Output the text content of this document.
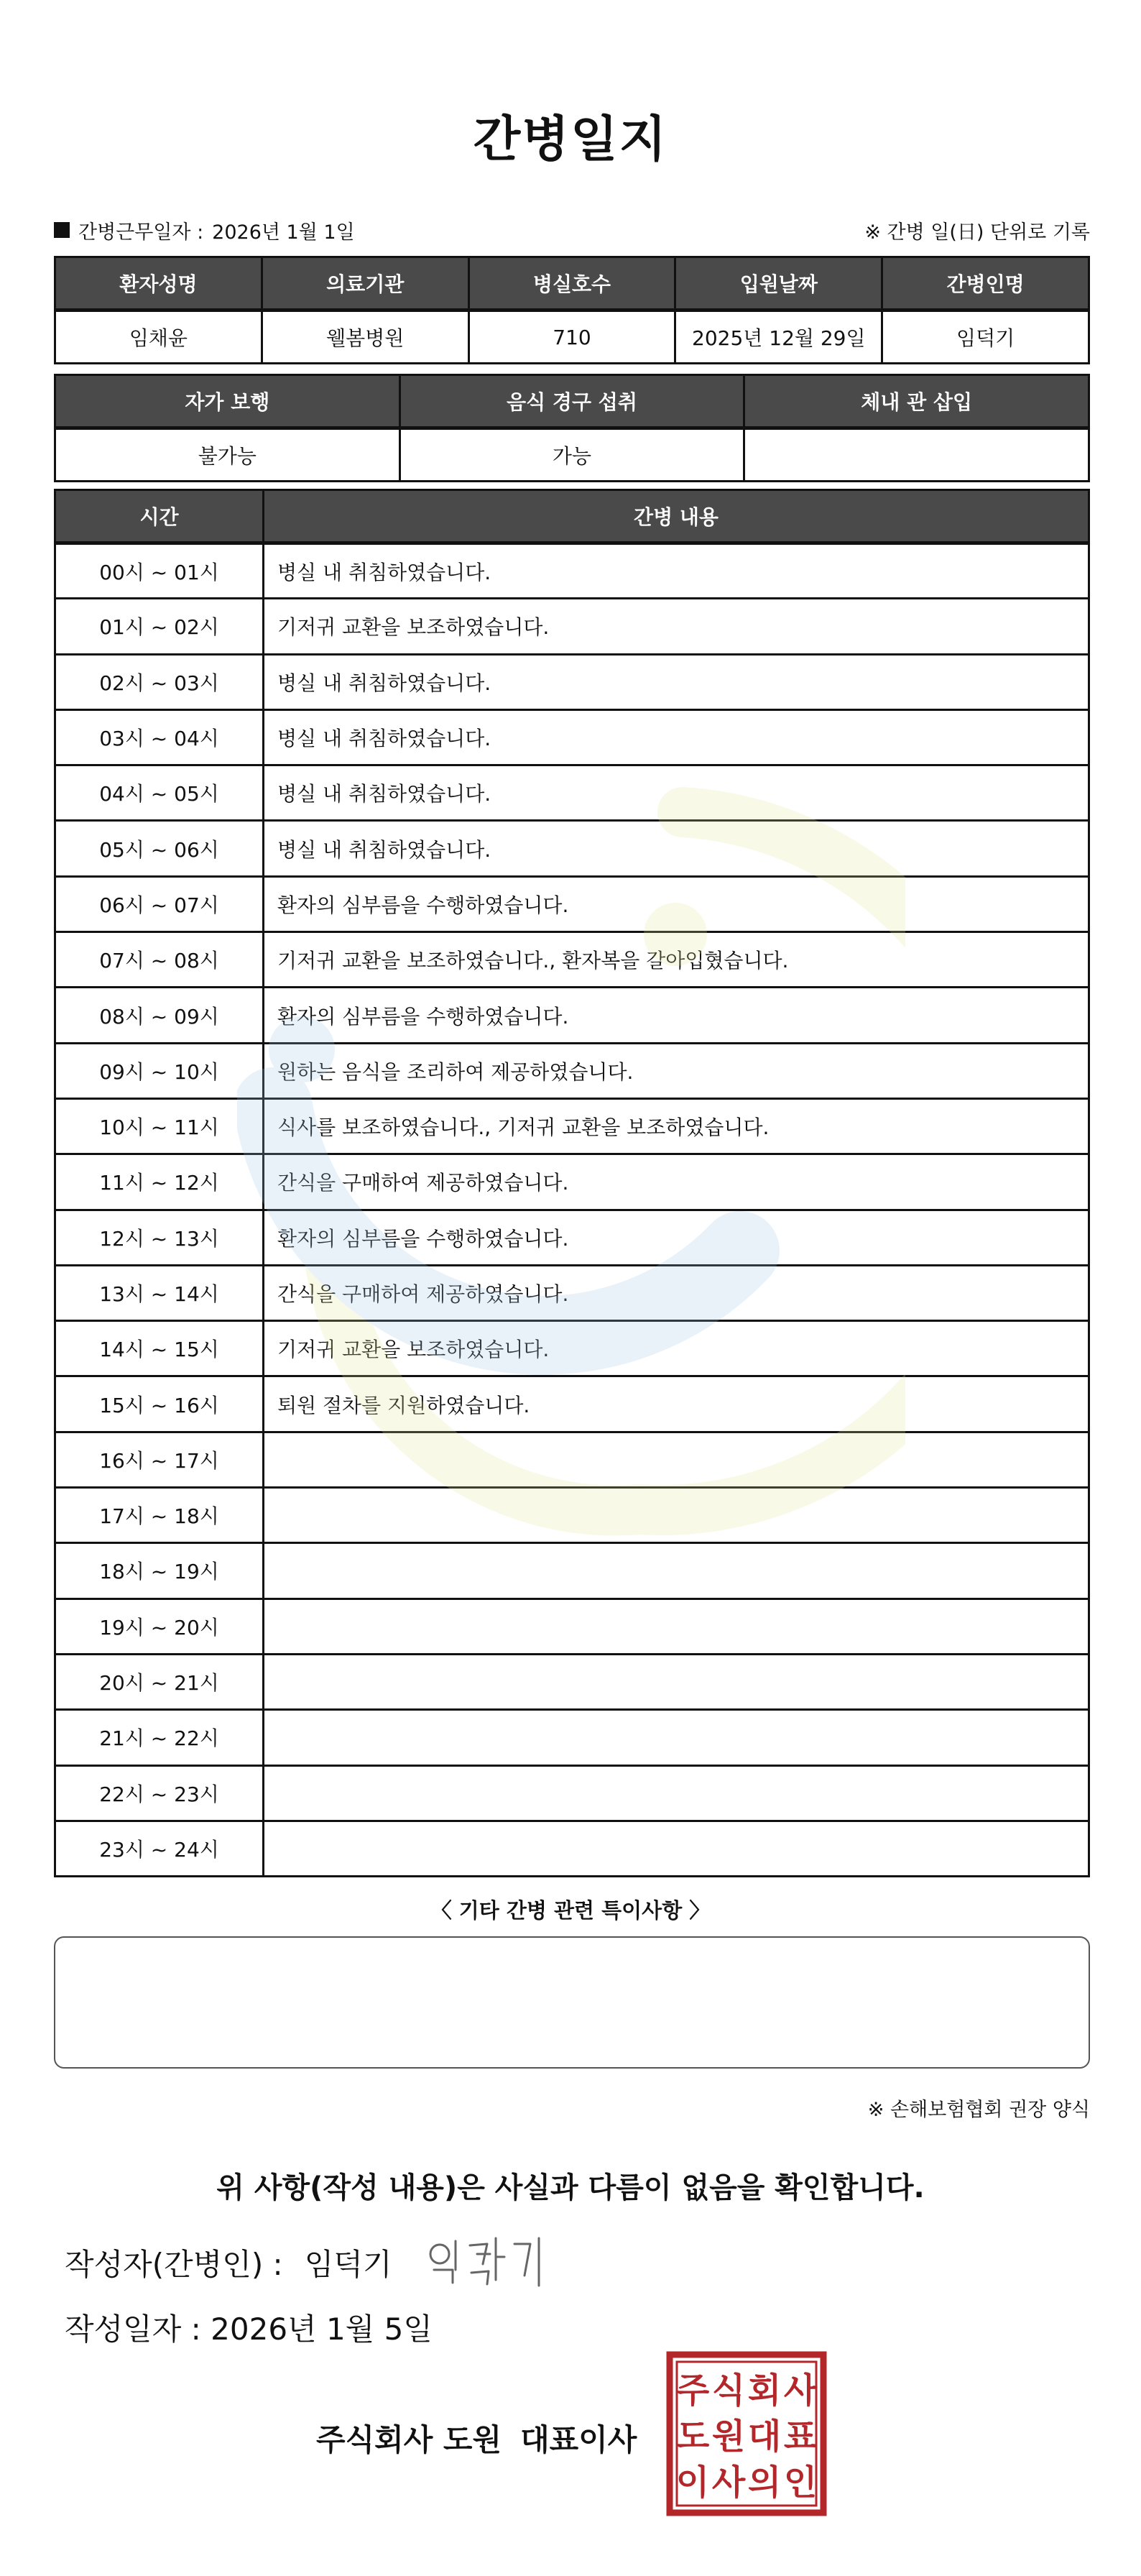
간병일지
간병근무일자 : 2026년 1월 1일	※ 간병 일(日) 단위로 기록
환자성명	의료기관	병실호수	입원날짜	간병인명
임채윤	웰봄병원	710	2025년 12월 29일	임덕기
자가 보행	음식 경구 섭취	체내 관 삽입
불가능	가능	
시간	간병 내용
00시 ~ 01시	병실 내 취침하였습니다.
01시 ~ 02시	기저귀 교환을 보조하였습니다.
02시 ~ 03시	병실 내 취침하였습니다.
03시 ~ 04시	병실 내 취침하였습니다.
04시 ~ 05시	병실 내 취침하였습니다.
05시 ~ 06시	병실 내 취침하였습니다.
06시 ~ 07시	환자의 심부름을 수행하였습니다.
07시 ~ 08시	기저귀 교환을 보조하였습니다., 환자복을 갈아입혔습니다.
08시 ~ 09시	환자의 심부름을 수행하였습니다.
09시 ~ 10시	원하는 음식을 조리하여 제공하였습니다.
10시 ~ 11시	식사를 보조하였습니다., 기저귀 교환을 보조하였습니다.
11시 ~ 12시	간식을 구매하여 제공하였습니다.
12시 ~ 13시	환자의 심부름을 수행하였습니다.
13시 ~ 14시	간식을 구매하여 제공하였습니다.
14시 ~ 15시	기저귀 교환을 보조하였습니다.
15시 ~ 16시	퇴원 절차를 지원하였습니다.
16시 ~ 17시	
17시 ~ 18시	
18시 ~ 19시	
19시 ~ 20시	
20시 ~ 21시	
21시 ~ 22시	
22시 ~ 23시	
23시 ~ 24시	
〈 기타 간병 관련 특이사항 〉
※ 손해보험협회 권장 양식
위 사항(작성 내용)은 사실과 다름이 없음을 확인합니다.
작성자(간병인) : 임덕기
작성일자 : 2026년 1월 5일
주식회사 도원 대표이사
주 식 회 사
도 원 대 표
이 사 의 인
